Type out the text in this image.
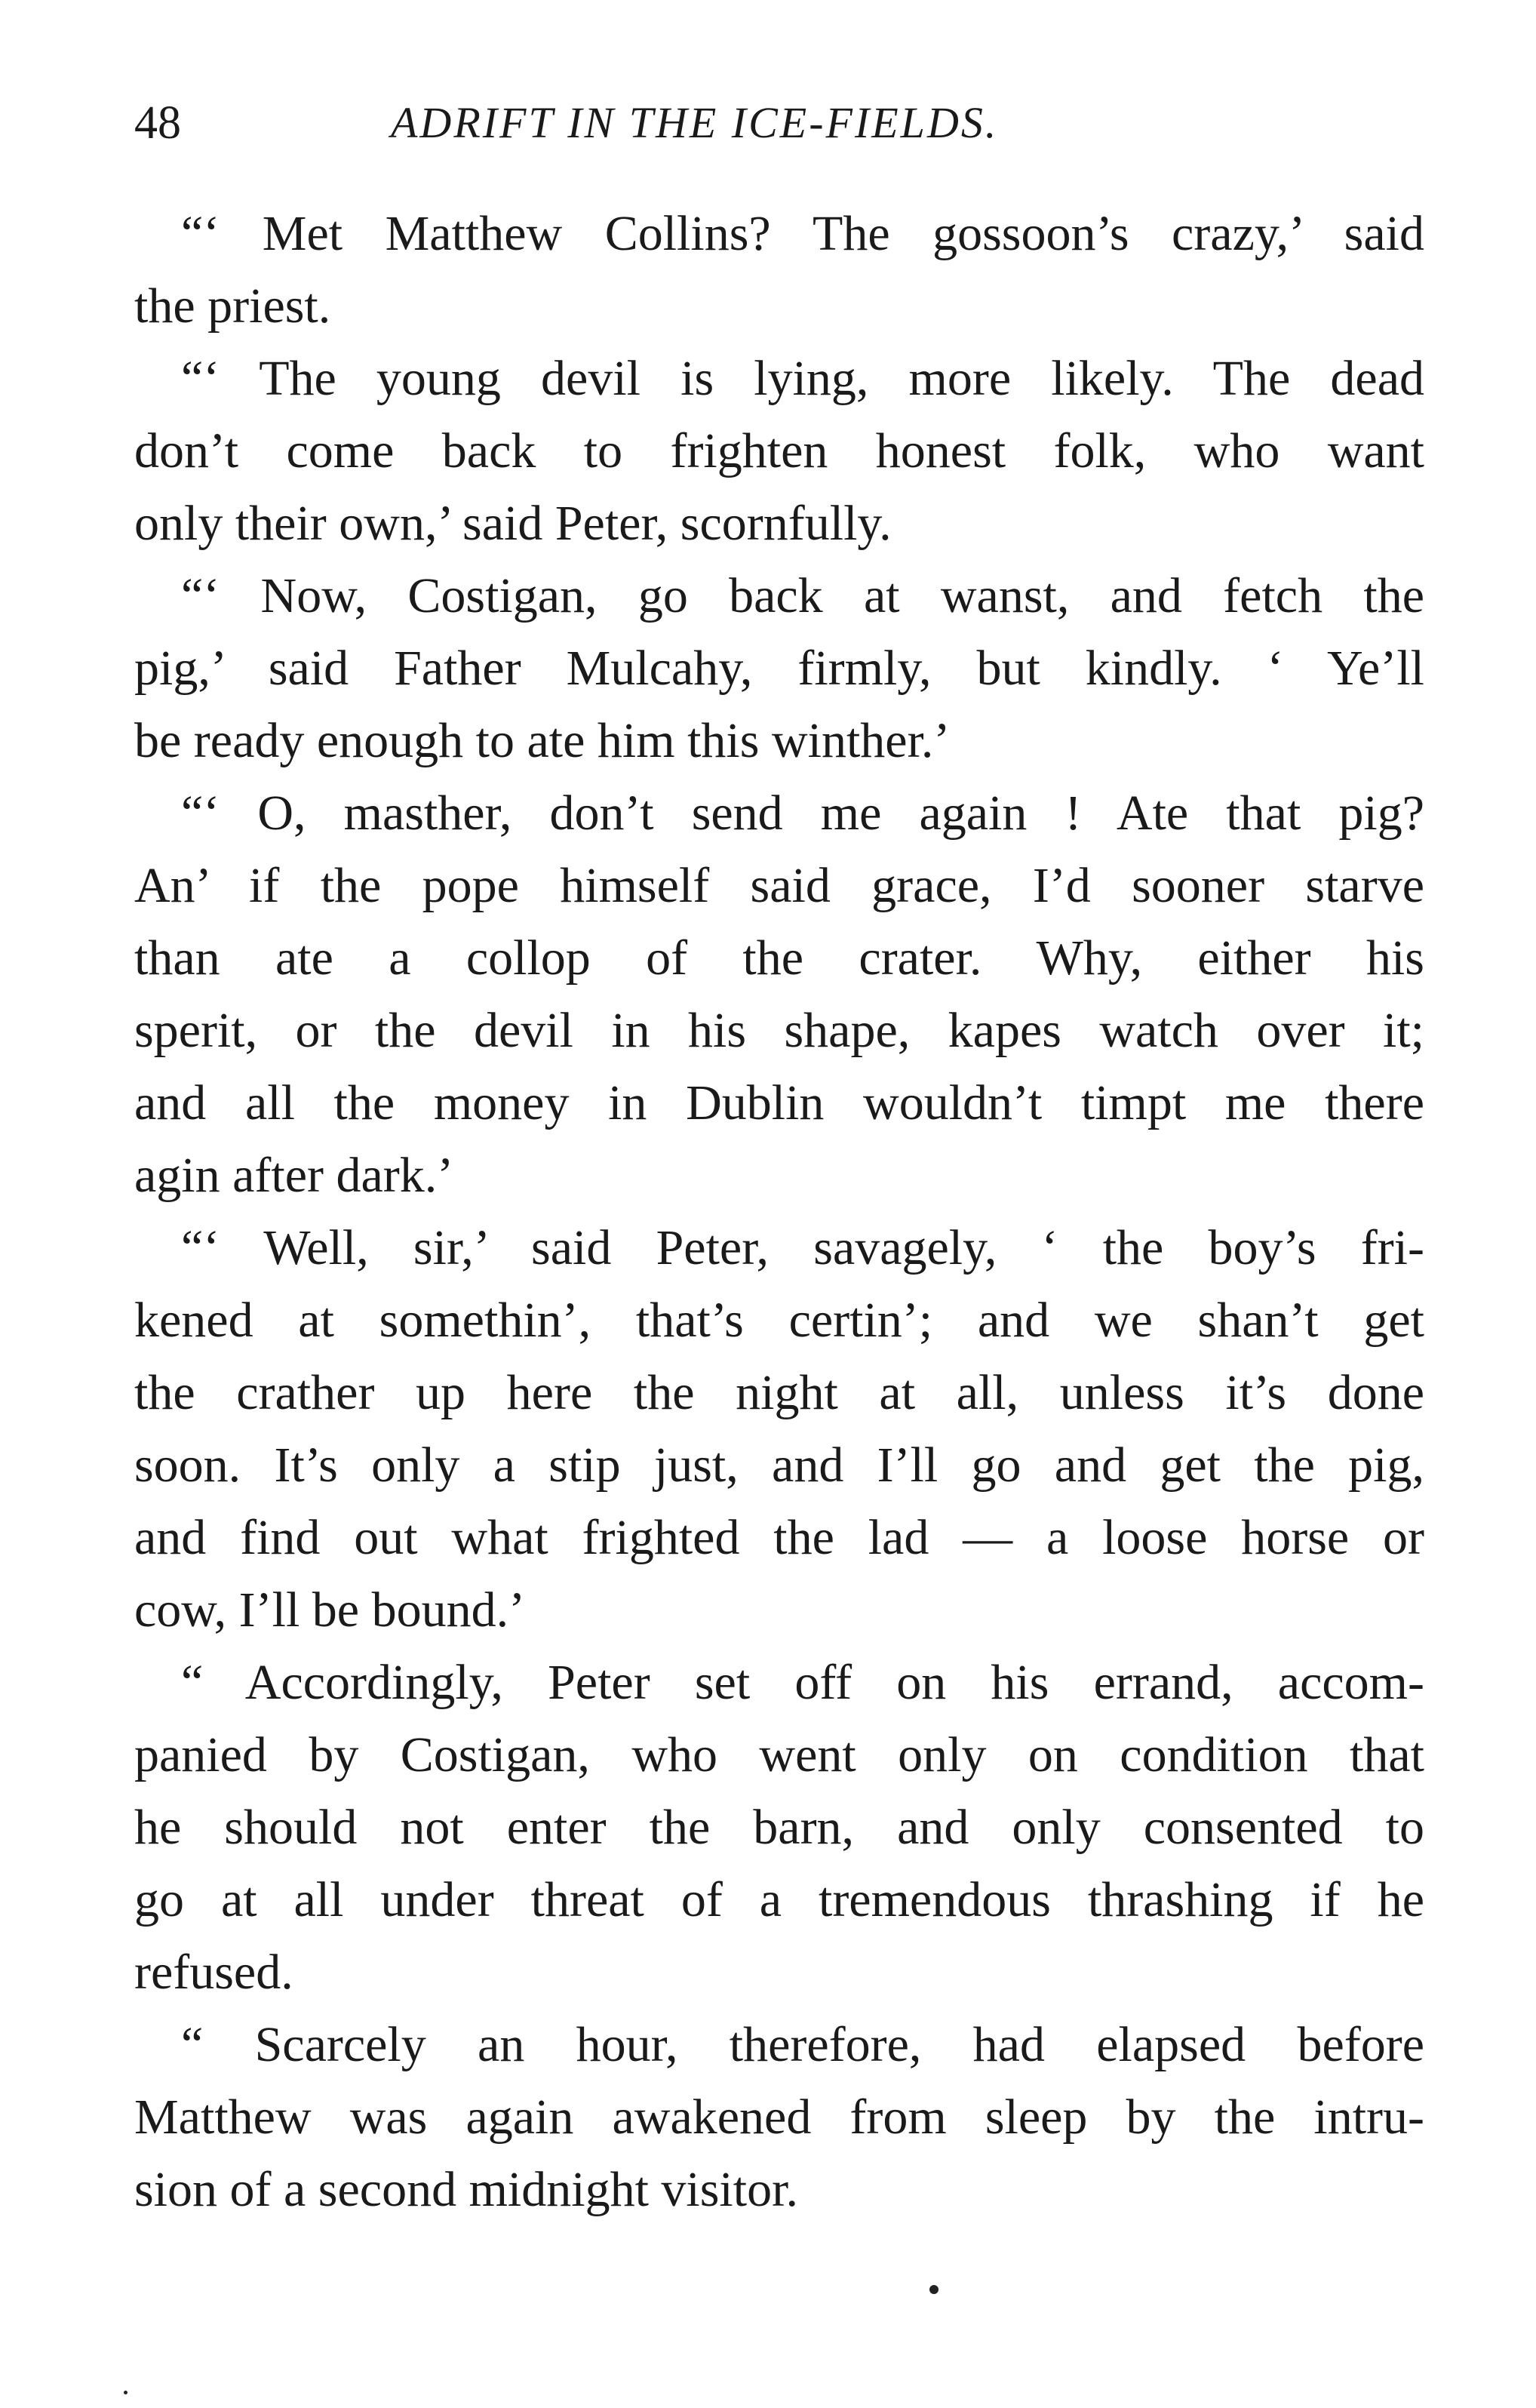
48	ADRIFT IN THE ICE-FIELDS.
“‘ Met Matthew Collins? The gossoon’s crazy,’ said
the priest.
“‘ The young devil is lying, more likely. The dead
don’t come back to frighten honest folk, who want
only their own,’ said Peter, scornfully.
“‘ Now, Costigan, go back at wanst, and fetch the
pig,’ said Father Mulcahy, firmly, but kindly. ‘ Ye’ll
be ready enough to ate him this winther.’
“‘ O, masther, don’t send me again ! Ate that pig?
An’ if the pope himself said grace, I’d sooner starve
than ate a collop of the crater. Why, either his
sperit, or the devil in his shape, kapes watch over it;
and all the money in Dublin wouldn’t timpt me there
agin after dark.’
“‘ Well, sir,’ said Peter, savagely, ‘ the boy’s fri-
kened at somethin’, that’s certin’; and we shan’t get
the crather up here the night at all, unless it’s done
soon. It’s only a stip just, and I’ll go and get the pig,
and find out what frighted the lad — a loose horse or
cow, I’ll be bound.’
“ Accordingly, Peter set off on his errand, accom-
panied by Costigan, who went only on condition that
he should not enter the barn, and only consented to
go at all under threat of a tremendous thrashing if he
refused.
“ Scarcely an hour, therefore, had elapsed before
Matthew was again awakened from sleep by the intru-
sion of a second midnight visitor.
